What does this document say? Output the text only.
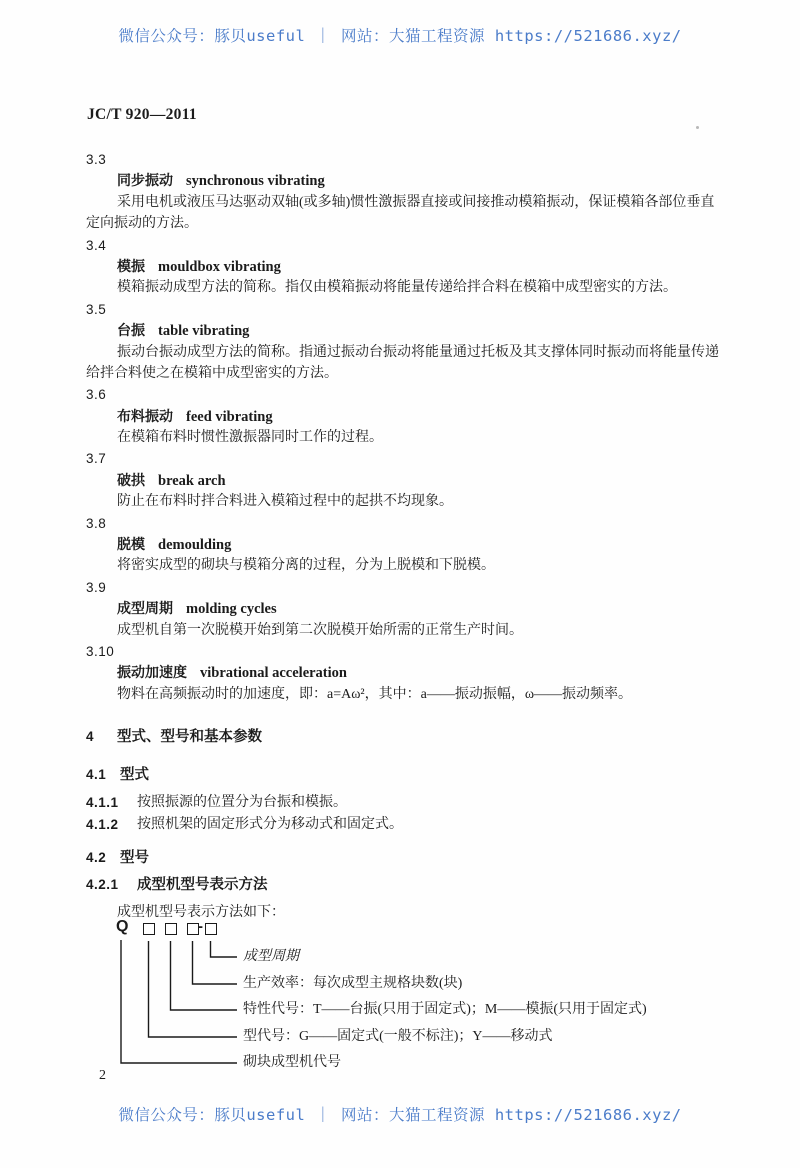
微信公众号：豚贝useful ｜ 网站：大猫工程资源 https://521686.xyz/
JC/T 920—2011
3.3
同步振动 synchronous vibrating
采用电机或液压马达驱动双轴(或多轴)惯性激振器直接或间接推动模箱振动，保证模箱各部位垂直
定向振动的方法。
3.4
模振 mouldbox vibrating
模箱振动成型方法的简称。指仅由模箱振动将能量传递给拌合料在模箱中成型密实的方法。
3.5
台振 table vibrating
振动台振动成型方法的简称。指通过振动台振动将能量通过托板及其支撑体同时振动而将能量传递
给拌合料使之在模箱中成型密实的方法。
3.6
布料振动 feed vibrating
在模箱布料时惯性激振器同时工作的过程。
3.7
破拱 break arch
防止在布料时拌合料进入模箱过程中的起拱不均现象。
3.8
脱模 demoulding
将密实成型的砌块与模箱分离的过程，分为上脱模和下脱模。
3.9
成型周期 molding cycles
成型机自第一次脱模开始到第二次脱模开始所需的正常生产时间。
3.10
振动加速度 vibrational acceleration
物料在高频振动时的加速度，即：a=Aω²，其中：a——振动振幅，ω——振动频率。
4 型式、型号和基本参数
4.1 型式
4.1.1 按照振源的位置分为台振和模振。
4.1.2 按照机架的固定形式分为移动式和固定式。
4.2 型号
4.2.1 成型机型号表示方法
成型机型号表示方法如下：
Q	-
成型周期
生产效率：每次成型主规格块数(块)
特性代号：T——台振(只用于固定式)；M——模振(只用于固定式)
型代号：G——固定式(一般不标注)；Y——移动式
砌块成型机代号
2
微信公众号：豚贝useful ｜ 网站：大猫工程资源 https://521686.xyz/
